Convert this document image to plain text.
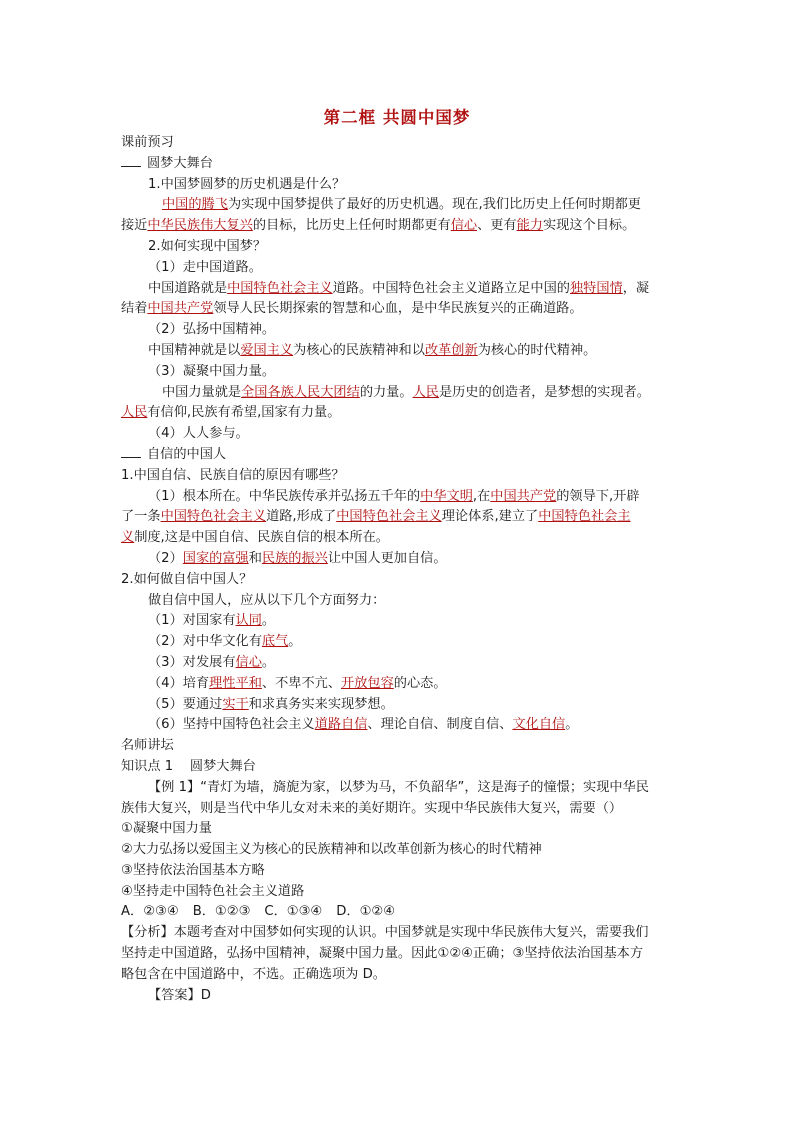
第二框 共圆中国梦

课前预习

圆梦大舞台

1.中国梦圆梦的历史机遇是什么？

中国的腾飞为实现中国梦提供了最好的历史机遇。现在,我们比历史上任何时期都更

接近中华民族伟大复兴的目标，比历史上任何时期都更有信心、更有能力实现这个目标。

2.如何实现中国梦？

（1）走中国道路。

中国道路就是中国特色社会主义道路。中国特色社会主义道路立足中国的独特国情，凝

结着中国共产党领导人民长期探索的智慧和心血，是中华民族复兴的正确道路。

（2）弘扬中国精神。

中国精神就是以爱国主义为核心的民族精神和以改革创新为核心的时代精神。

（3）凝聚中国力量。

中国力量就是全国各族人民大团结的力量。人民是历史的创造者，是梦想的实现者。

人民有信仰,民族有希望,国家有力量。

（4）人人参与。

自信的中国人

1.中国自信、民族自信的原因有哪些？

（1）根本所在。中华民族传承并弘扬五千年的中华文明,在中国共产党的领导下,开辟

了一条中国特色社会主义道路,形成了中国特色社会主义理论体系,建立了中国特色社会主

义制度,这是中国自信、民族自信的根本所在。

（2）国家的富强和民族的振兴让中国人更加自信。

2.如何做自信中国人？

做自信中国人，应从以下几个方面努力：

（1）对国家有认同。

（2）对中华文化有底气。

（3）对发展有信心。

（4）培育理性平和、不卑不亢、开放包容的心态。

（5）要通过实干和求真务实来实现梦想。

（6）坚持中国特色社会主义道路自信、理论自信、制度自信、文化自信。

名师讲坛

知识点 1    圆梦大舞台

【例 1】“青灯为墙，旖旎为家，以梦为马，不负韶华”，这是海子的憧憬；实现中华民

族伟大复兴，则是当代中华儿女对未来的美好期许。实现中华民族伟大复兴，需要（）

①凝聚中国力量

②大力弘扬以爱国主义为核心的民族精神和以改革创新为核心的时代精神

③坚持依法治国基本方略

④坚持走中国特色社会主义道路

A．②③④ B．①②③ C．①③④ D．①②④

【分析】本题考查对中国梦如何实现的认识。中国梦就是实现中华民族伟大复兴，需要我们

坚持走中国道路，弘扬中国精神，凝聚中国力量。因此①②④正确；③坚持依法治国基本方

略包含在中国道路中，不选。正确选项为 D。

【答案】D
